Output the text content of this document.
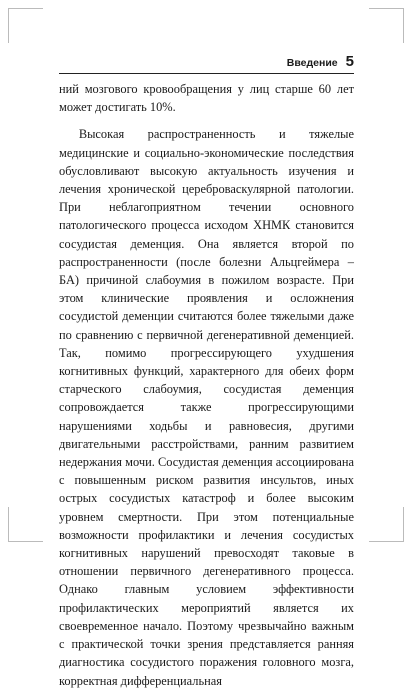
Введение 5

ний мозгового кровообращения у лиц старше 60 лет может достигать 10%.

Высокая распространенность и тяжелые медицинские и социально-экономические последствия обусловливают высокую актуальность изучения и лечения хронической цереброваскулярной патологии. При неблагоприятном течении основного патологического процесса исходом ХНМК становится сосудистая деменция. Она является второй по распространенности (после болезни Альцгеймера – БА) причиной слабоумия в пожилом возрасте. При этом клинические проявления и осложнения сосудистой деменции считаются более тяжелыми даже по сравнению с первичной дегенеративной деменцией. Так, помимо прогрессирующего ухудшения когнитивных функций, характерного для обеих форм старческого слабоумия, сосудистая деменция сопровождается также прогрессирующими нарушениями ходьбы и равновесия, другими двигательными расстройствами, ранним развитием недержания мочи. Сосудистая деменция ассоциирована с повышенным риском развития инсультов, иных острых сосудистых катастроф и более высоким уровнем смертности. При этом потенциальные возможности профилактики и лечения сосудистых когнитивных нарушений превосходят таковые в отношении первичного дегенеративного процесса. Однако главным условием эффективности профилактических мероприятий является их своевременное начало. Поэтому чрезвычайно важным с практической точки зрения представляется ранняя диагностика сосудистого поражения головного мозга, корректная дифференциальная
